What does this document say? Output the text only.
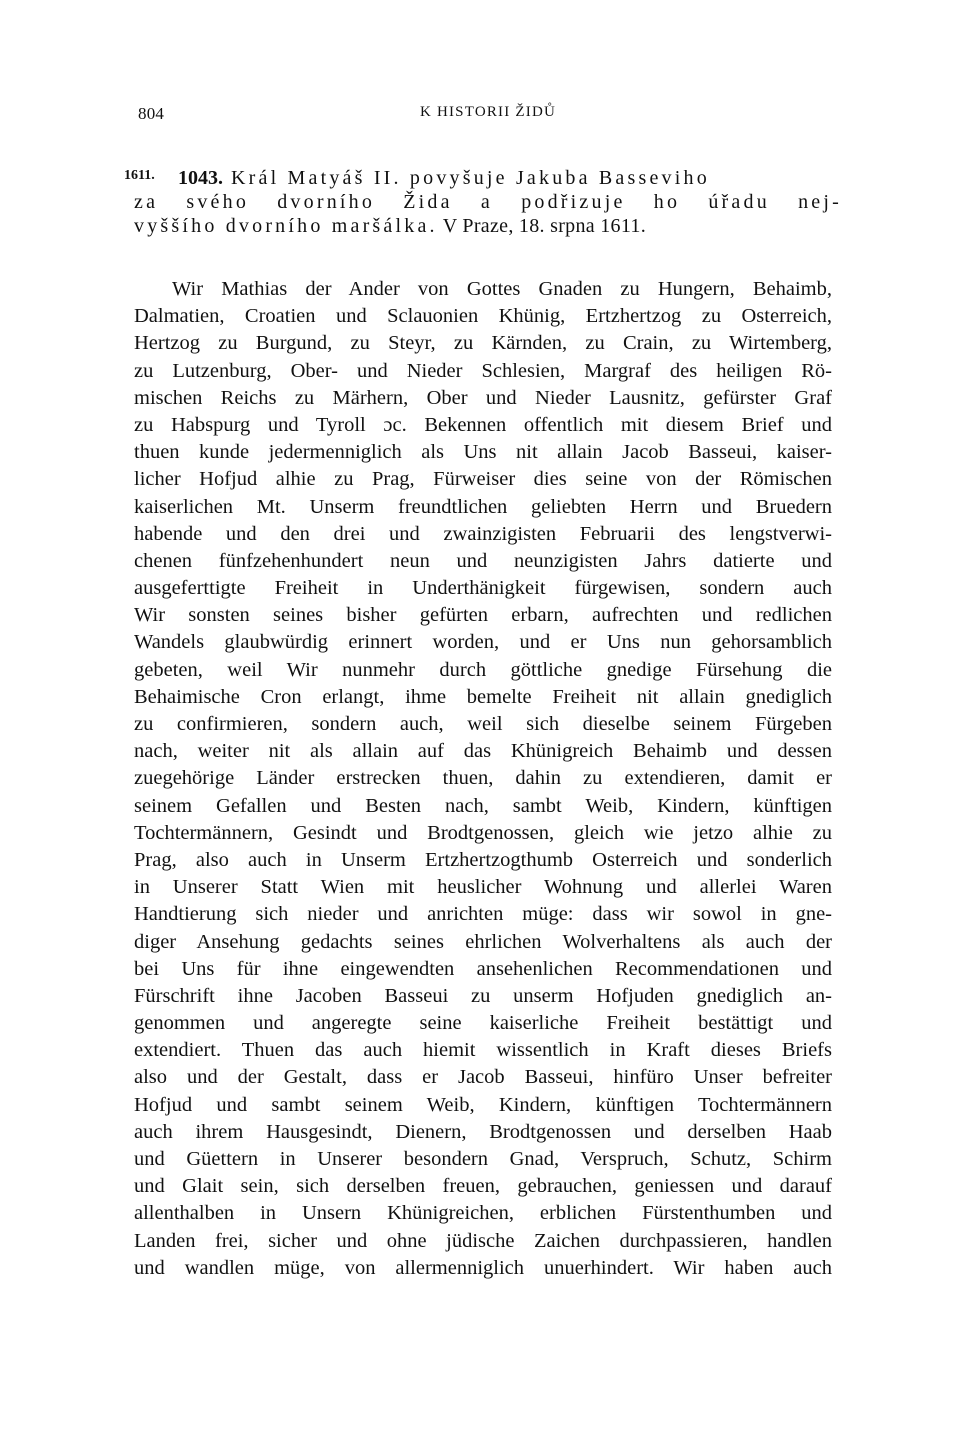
804	K HISTORII ŽIDŮ
1611.	1043. Král Matyáš II. povyšuje Jakuba Basseviho
za svého dvorního Žida a podřizuje ho úřadu nej-
vyššího dvorního maršálka. V Praze, 18. srpna 1611.
Wir Mathias der Ander von Gottes Gnaden zu Hungern, Behaimb,
Dalmatien, Croatien und Sclauonien Khünig, Ertzhertzog zu Osterreich,
Hertzog zu Burgund, zu Steyr, zu Kärnden, zu Crain, zu Wirtemberg,
zu Lutzenburg, Ober- und Nieder Schlesien, Margraf des heiligen Rö-
mischen Reichs zu Märhern, Ober und Nieder Lausnitz, gefürster Graf
zu Habspurg und Tyroll ɔc. Bekennen offentlich mit diesem Brief und
thuen kunde jedermenniglich als Uns nit allain Jacob Basseui, kaiser-
licher Hofjud alhie zu Prag, Fürweiser dies seine von der Römischen
kaiserlichen Mt. Unserm freundtlichen geliebten Herrn und Bruedern
habende und den drei und zwainzigisten Februarii des lengstverwi-
chenen fünfzehenhundert neun und neunzigisten Jahrs datierte und
ausgeferttigte Freiheit in Underthänigkeit fürgewisen, sondern auch
Wir sonsten seines bisher gefürten erbarn, aufrechten und redlichen
Wandels glaubwürdig erinnert worden, und er Uns nun gehorsamblich
gebeten, weil Wir nunmehr durch göttliche gnedige Fürsehung die
Behaimische Cron erlangt, ihme bemelte Freiheit nit allain gnediglich
zu confirmieren, sondern auch, weil sich dieselbe seinem Fürgeben
nach, weiter nit als allain auf das Khünigreich Behaimb und dessen
zuegehörige Länder erstrecken thuen, dahin zu extendieren, damit er
seinem Gefallen und Besten nach, sambt Weib, Kindern, künftigen
Tochtermännern, Gesindt und Brodtgenossen, gleich wie jetzo alhie zu
Prag, also auch in Unserm Ertzhertzogthumb Osterreich und sonderlich
in Unserer Statt Wien mit heuslicher Wohnung und allerlei Waren
Handtierung sich nieder und anrichten müge: dass wir sowol in gne-
diger Ansehung gedachts seines ehrlichen Wolverhaltens als auch der
bei Uns für ihne eingewendten ansehenlichen Recommendationen und
Fürschrift ihne Jacoben Basseui zu unserm Hofjuden gnediglich an-
genommen und angeregte seine kaiserliche Freiheit bestättigt und
extendiert. Thuen das auch hiemit wissentlich in Kraft dieses Briefs
also und der Gestalt, dass er Jacob Basseui, hinfüro Unser befreiter
Hofjud und sambt seinem Weib, Kindern, künftigen Tochtermännern
auch ihrem Hausgesindt, Dienern, Brodtgenossen und derselben Haab
und Güettern in Unserer besondern Gnad, Verspruch, Schutz, Schirm
und Glait sein, sich derselben freuen, gebrauchen, geniessen und darauf
allenthalben in Unsern Khünigreichen, erblichen Fürstenthumben und
Landen frei, sicher und ohne jüdische Zaichen durchpassieren, handlen
und wandlen müge, von allermenniglich unuerhindert. Wir haben auch
